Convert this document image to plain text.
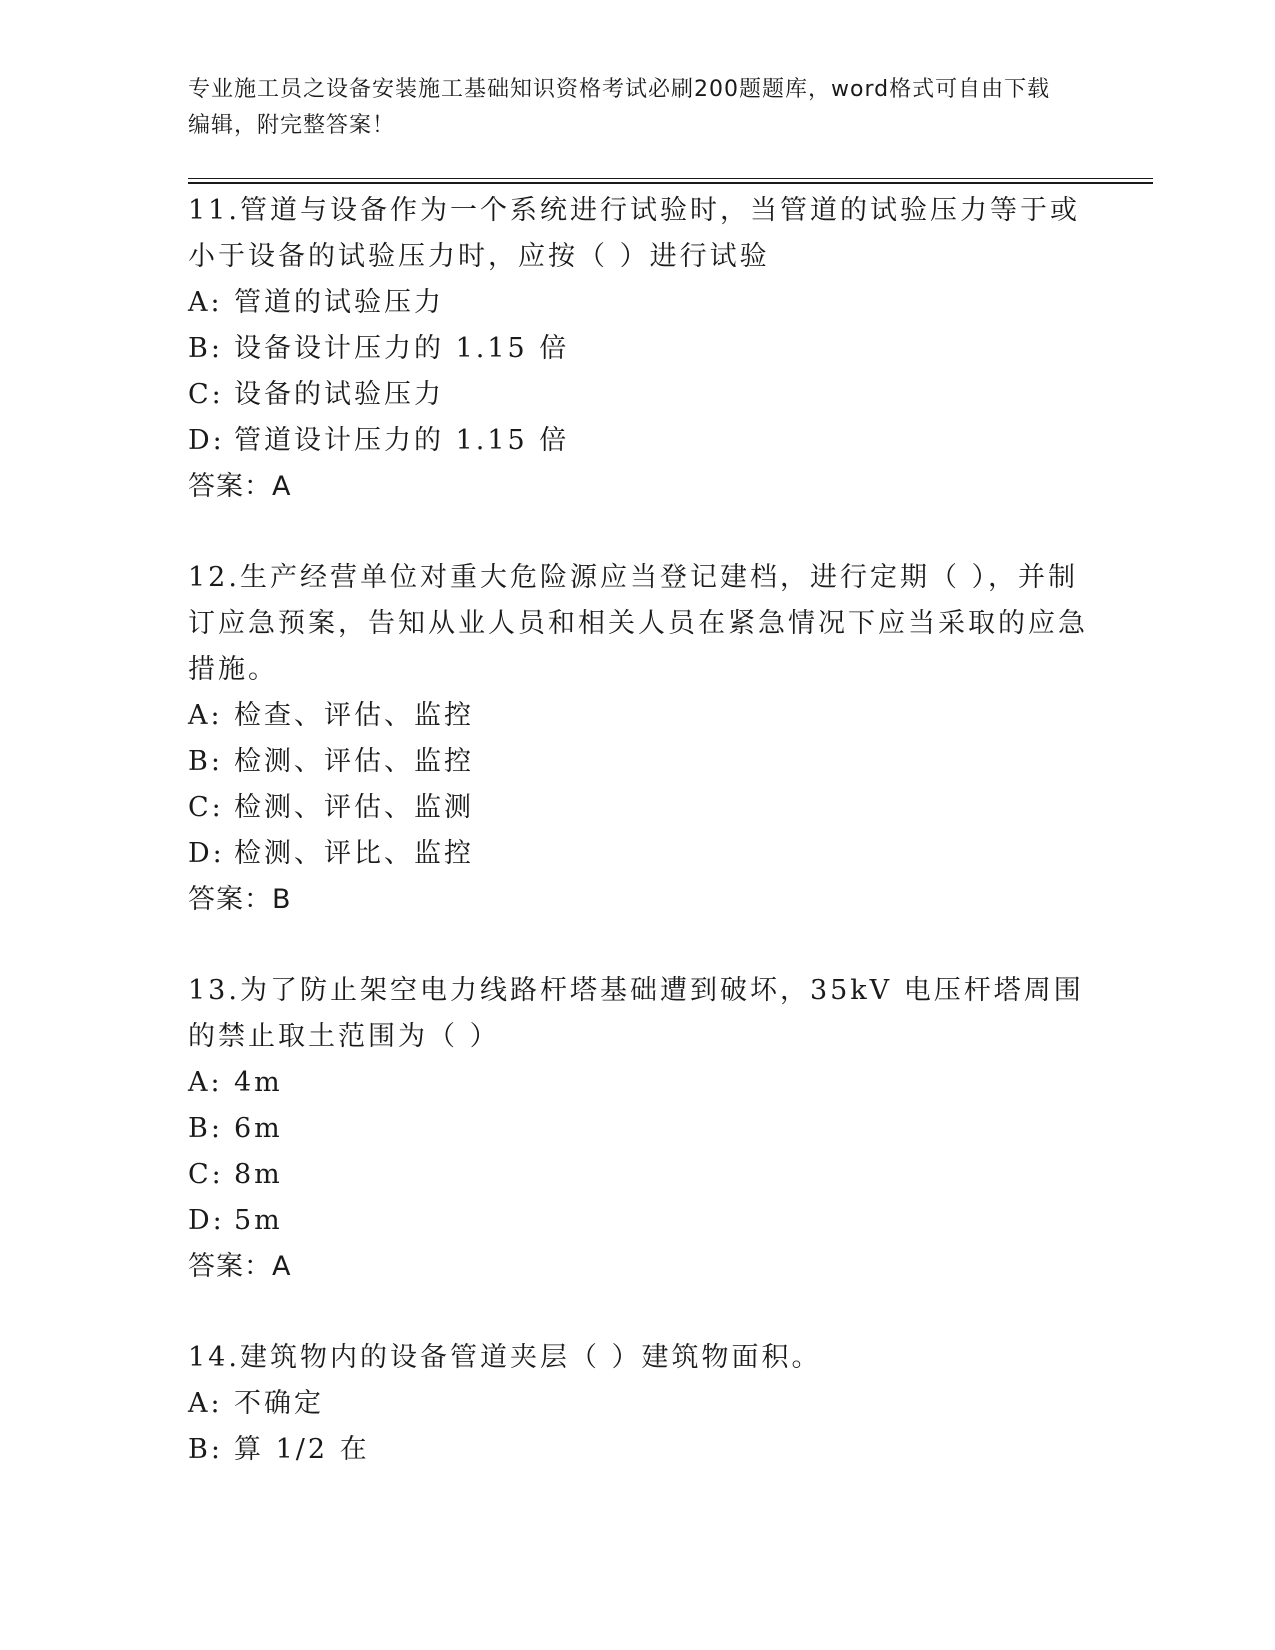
专业施工员之设备安装施工基础知识资格考试必刷200题题库，word格式可自由下载编辑，附完整答案！

11.管道与设备作为一个系统进行试验时，当管道的试验压力等于或小于设备的试验压力时，应按（ ）进行试验

A: 管道的试验压力

B: 设备设计压力的 1.15 倍

C: 设备的试验压力

D: 管道设计压力的 1.15 倍

答案：A

12.生产经营单位对重大危险源应当登记建档，进行定期（ ），并制订应急预案，告知从业人员和相关人员在紧急情况下应当采取的应急措施。

A: 检查、评估、监控

B: 检测、评估、监控

C: 检测、评估、监测

D: 检测、评比、监控

答案：B

13.为了防止架空电力线路杆塔基础遭到破坏，35kV 电压杆塔周围的禁止取土范围为（ ）

A: 4m

B: 6m

C: 8m

D: 5m

答案：A

14.建筑物内的设备管道夹层（ ）建筑物面积。

A: 不确定

B: 算 1/2 在
